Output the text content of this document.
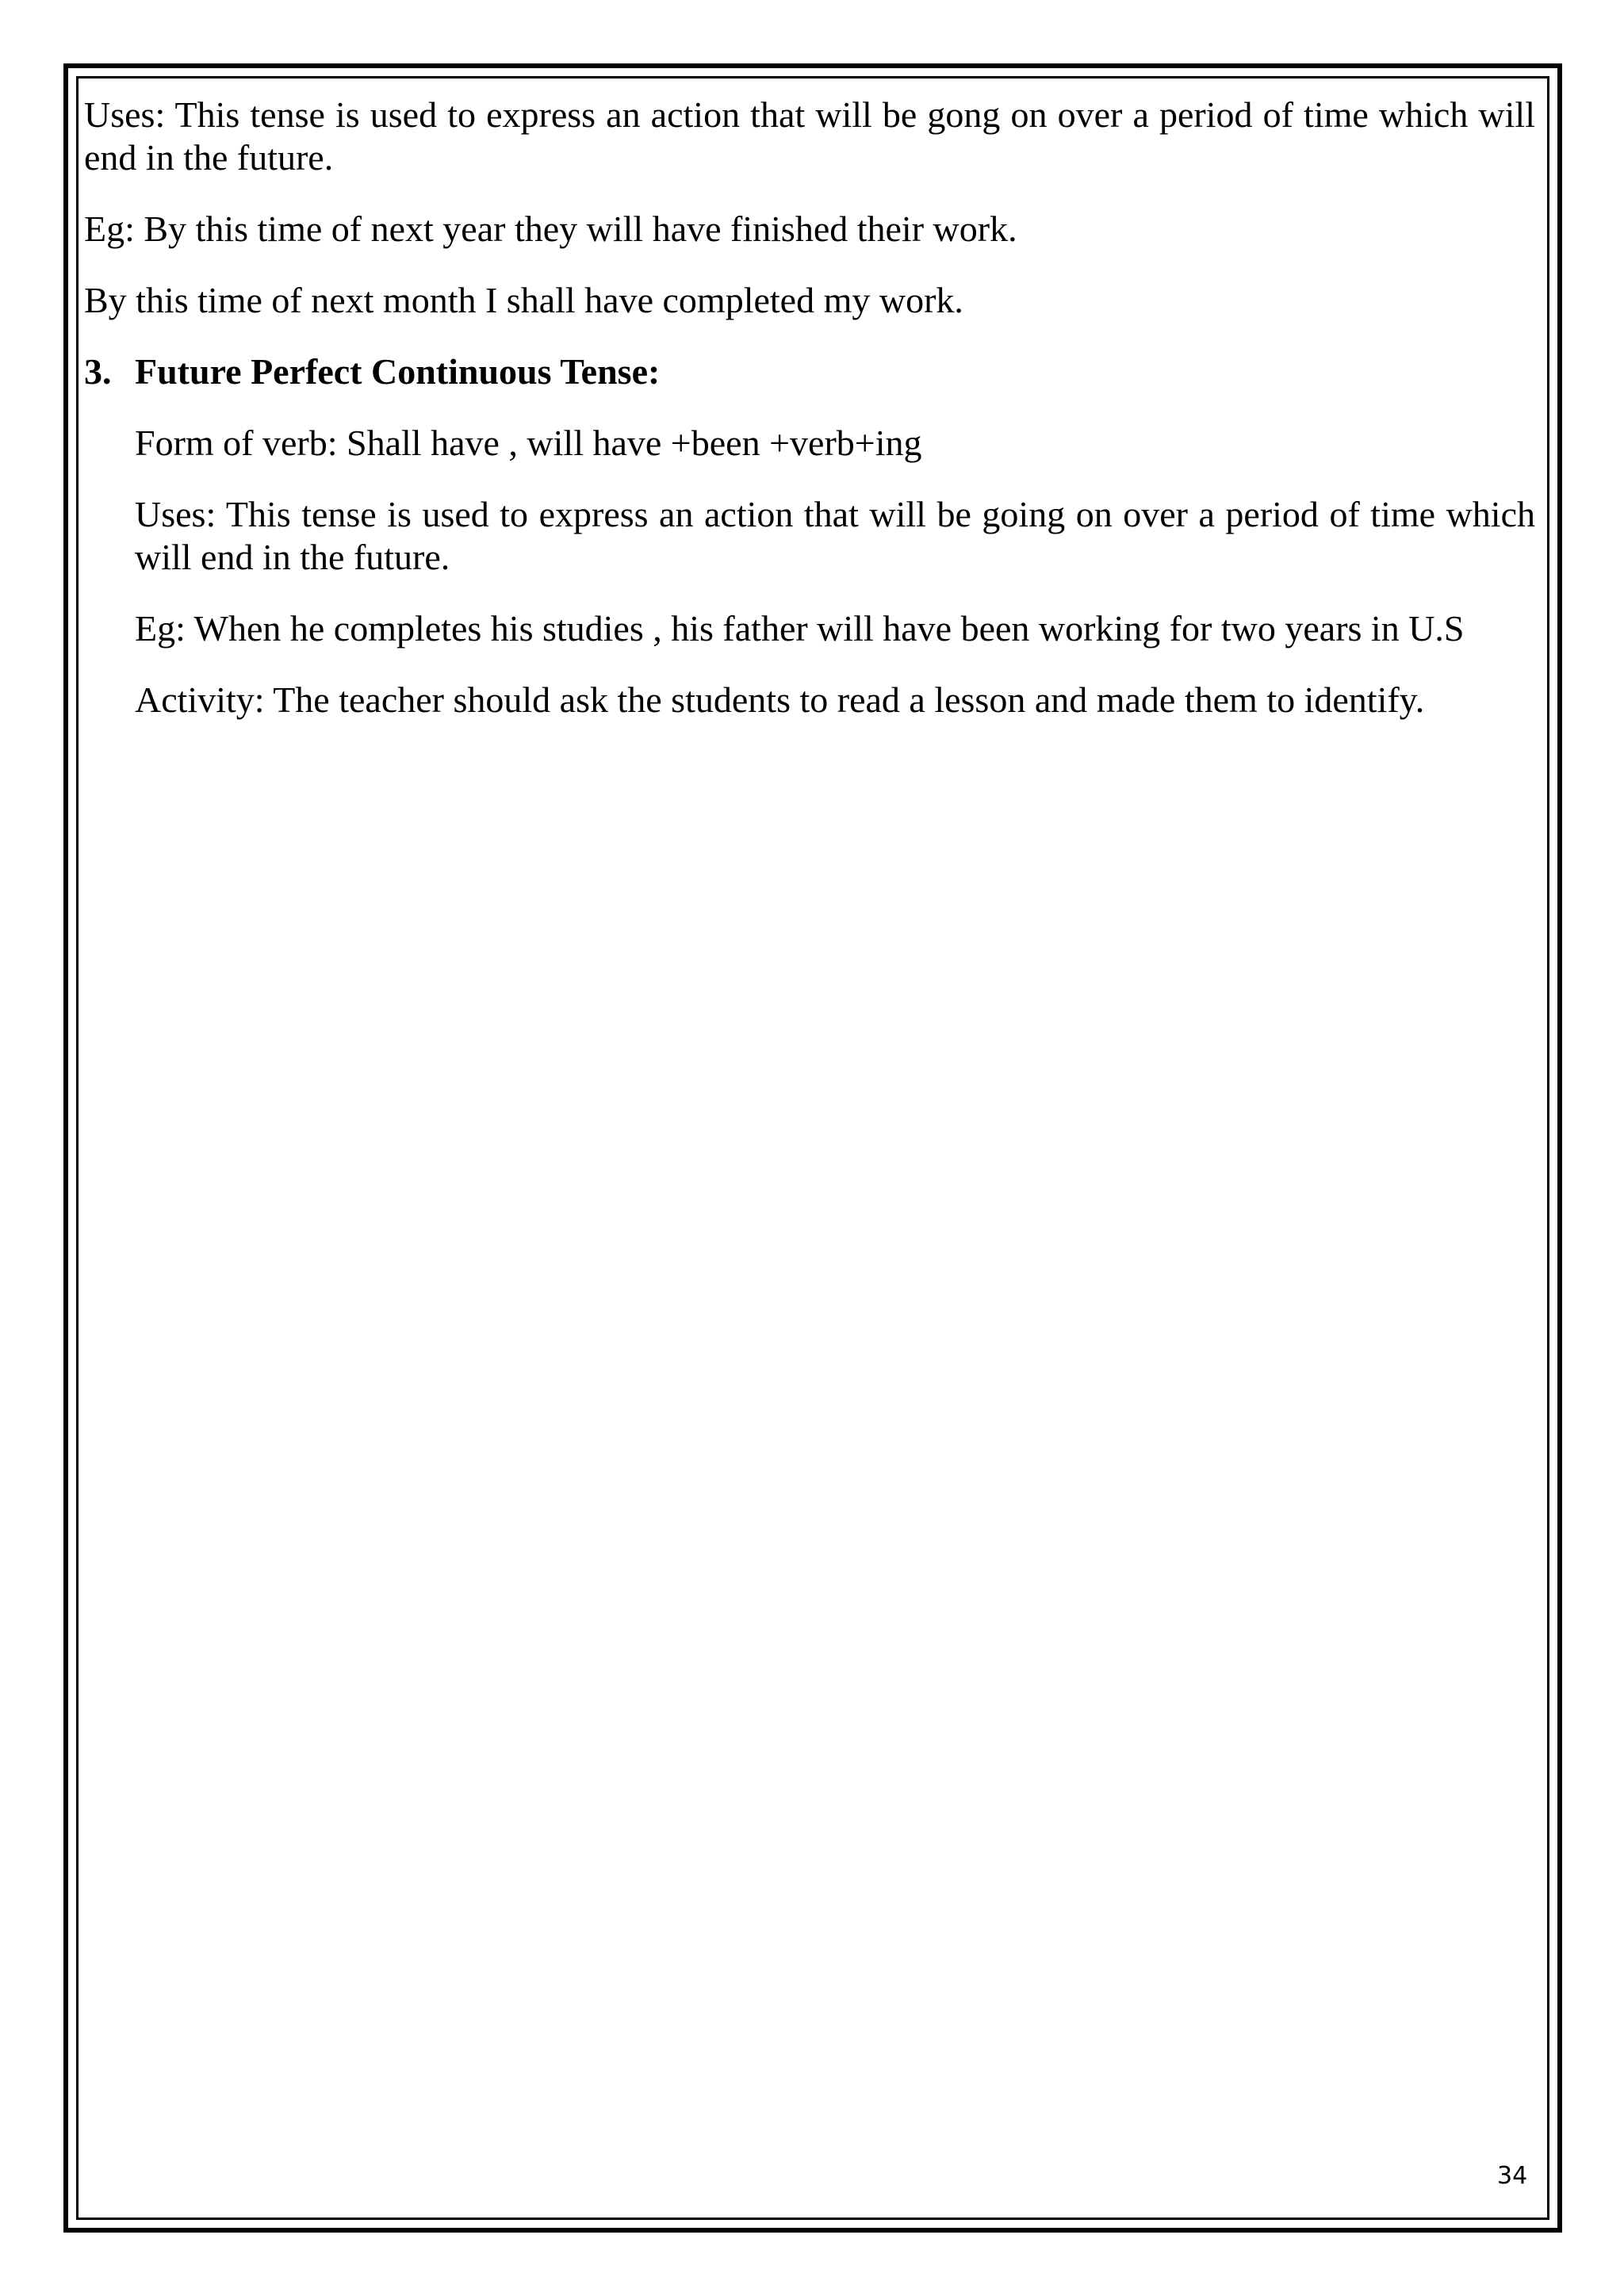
Uses: This tense is used to express an action that will be gong on over a period of time which will end in the future.

Eg: By this time of next year they will have finished their work.

By this time of next month I shall have completed my work.

3. Future Perfect Continuous Tense:

Form of verb: Shall have , will have +been +verb+ing

Uses: This tense is used to express an action that will be going on over a period of time which will end in the future.

Eg: When he completes his studies , his father will have been working for two years in U.S

Activity: The teacher should ask the students to read a lesson and made them to identify.

34
